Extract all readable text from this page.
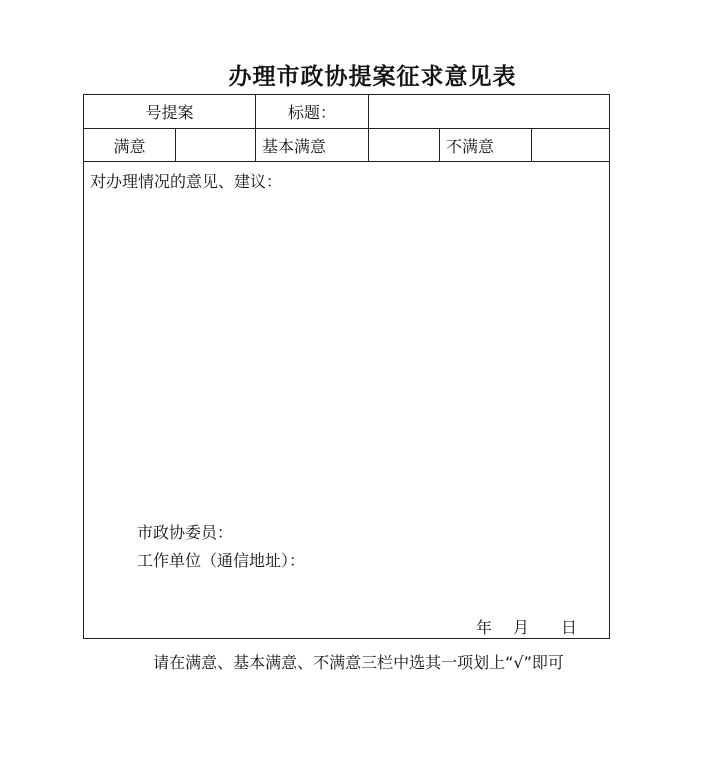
办理市政协提案征求意见表
号提案	标题：
满意	基本满意	不满意
对办理情况的意见、建议：
市政协委员：
工作单位（通信地址）：
年 月 日
请在满意、基本满意、不满意三栏中选其一项划上“√”即可
